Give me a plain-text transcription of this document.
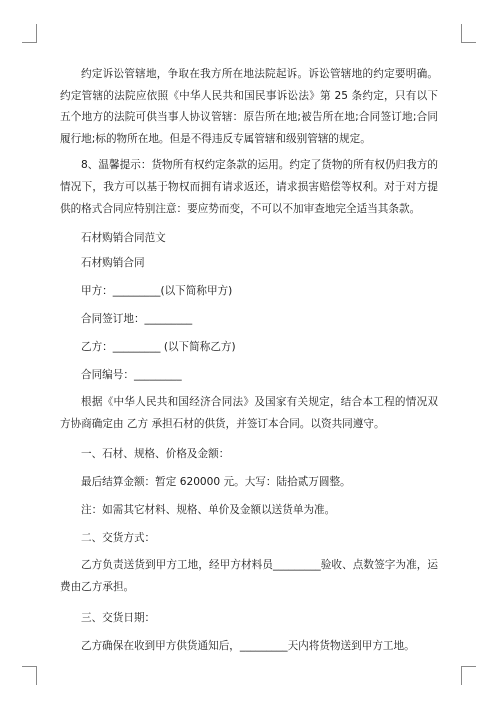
约定诉讼管辖地，争取在我方所在地法院起诉。诉讼管辖地的约定要明确。约定管辖的法院应依照《中华人民共和国民事诉讼法》第 25 条约定，只有以下五个地方的法院可供当事人协议管辖：原告所在地;被告所在地;合同签订地;合同履行地;标的物所在地。但是不得违反专属管辖和级别管辖的规定。

8、温馨提示：货物所有权约定条款的运用。约定了货物的所有权仍归我方的情况下，我方可以基于物权而拥有请求返还，请求损害赔偿等权利。对于对方提供的格式合同应特别注意：要应势而变，不可以不加审查地完全适当其条款。

石材购销合同范文

石材购销合同

甲方：_________(以下简称甲方)

合同签订地：_________

乙方：_________ (以下简称乙方)

合同编号：_________

根据《中华人民共和国经济合同法》及国家有关规定，结合本工程的情况双方协商确定由 乙方 承担石材的供货，并签订本合同。以资共同遵守。

一、石材、规格、价格及金额：

最后结算金额：暂定 620000 元。大写：陆拾贰万圆整。

注：如需其它材料、规格、单价及金额以送货单为准。

二、交货方式：

乙方负责送货到甲方工地，经甲方材料员_________验收、点数签字为准，运费由乙方承担。

三、交货日期：

乙方确保在收到甲方供货通知后，_________天内将货物送到甲方工地。
